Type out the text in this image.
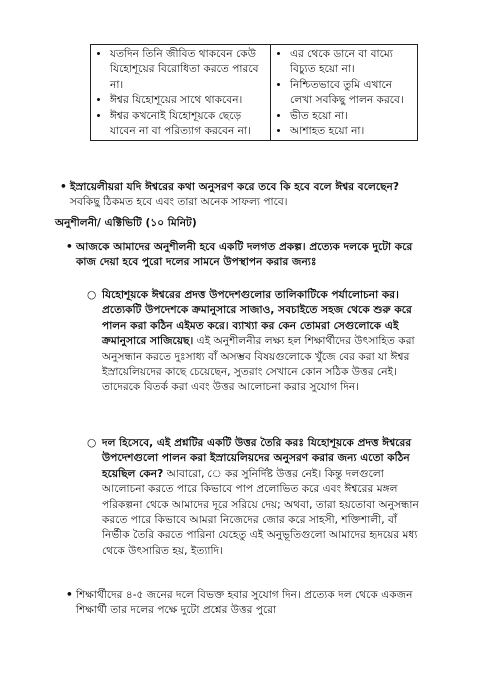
• যতদিন তিনি জীবিত থাকবেন কেউ যিহোশূয়ের বিরোধিতা করতে পারবে না।
• ঈশ্বর যিহোশূয়ের সাথে থাকবেন।
• ঈশ্বর কখনোই যিহোশূয়কে ছেড়ে যাবেন না বা পরিত্যাগ করবেন না।

• এর থেকে ডানে বা বাম্যে বিচ্যুত হয়ো না।
• নিশ্চিতভাবে তুমি এখানে লেখা সবকিছু পালন করবে।
• ভীত হয়ো না।
• আশাহত হয়ো না।
• ইস্রায়েলীয়রা যদি ঈশ্বরের কথা অনুসরণ করে তবে কি হবে বলে ঈশ্বর বলেছেন? সবকিছু ঠিকমত হবে এবং তারা অনেক সাফল্য পাবে।
অনুশীলনী/ এক্টিভিটি (১০ মিনিট)
• আজকে আমাদের অনুশীলনী হবে একটি দলগত প্রকল্প। প্রত্যেক দলকে দুটো করে কাজ দেয়া হবে পুরো দলের সামনে উপস্থাপন করার জন্যঃ
○ যিহোশূয়কে ঈশ্বরের প্রদত্ত উপদেশগুলোর তালিকাটিকে পর্যালোচনা কর। প্রত্যেকটি উপদেশকে ক্রমানুসারে সাজাও, সবচাইতে সহজ থেকে শুরু করে পালন করা কঠিন এইমত করে। ব্যাখ্যা কর কেন তোমরা সেগুলোকে এই ক্রমানুসারে সাজিয়েছ। এই অনুশীলনীর লক্ষ্য হল শিক্ষার্থীদের উৎসাহিত করা অনুসন্ধান করতে দুঃসাধ্য বাঁ অসম্ভব বিষয়গুলোকে খুঁজে বের করা যা ঈশ্বর ইস্রায়েলিয়দের কাছে চেয়েছেন, সুতরাং সেখানে কোন সঠিক উত্তর নেই। তাদেরকে বিতর্ক করা এবং উত্তর আলোচনা করার সুযোগ দিন।
○ দল হিসেবে, এই প্রশ্নটির একটি উত্তর তৈরি করঃ যিহোশূয়কে প্রদত্ত ঈশ্বরের উপদেশগুলো পালন করা ইস্রায়েলিয়দের অনুসরণ করার জন্য এতো কঠিন হয়েছিল কেন? আবারো, ে কর সুনির্দিষ্ট উত্তর নেই। কিন্তু দলগুলো আলোচনা করতে পারে কিভাবে পাপ প্রলোভিত করে এবং ঈশ্বরের মঙ্গল পরিকল্পনা থেকে আমাদের দূরে সরিয়ে দেয়; অথবা, তারা হয়তোবা অনুসন্ধান করতে পারে কিভাবে আমরা নিজেদের জোর করে সাহসী, শক্তিশালী, বাঁ নির্ভীক তৈরি করতে পারিনা যেহেতু এই অনুভূতিগুলো আমাদের হৃদয়ের মধ্য থেকে উৎসারিত হয়, ইত্যাদি।
• শিক্ষার্থীদের ৪-৫ জনের দলে বিভক্ত হবার সুযোগ দিন। প্রত্যেক দল থেকে একজন শিক্ষার্থী তার দলের পক্ষে দুটো প্রশ্নের উত্তর পুরো
